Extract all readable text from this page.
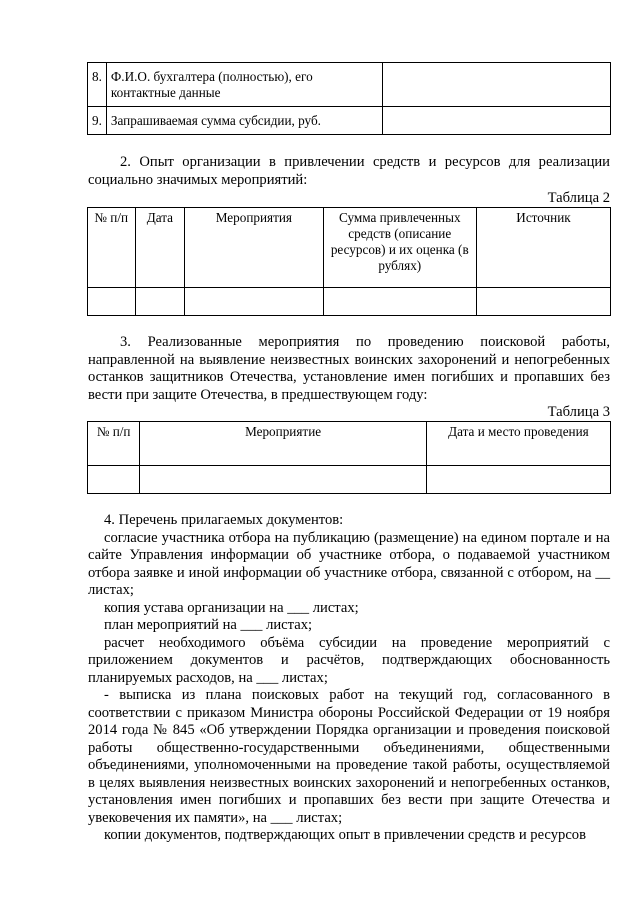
8.	Ф.И.О. бухгалтера (полностью), его контактные данные	
9.	Запрашиваемая сумма субсидии, руб.	

2. Опыт организации в привлечении средств и ресурсов для реализации социально значимых мероприятий:

Таблица 2
№ п/п	Дата	Мероприятия	Сумма привлеченных средств (описание ресурсов) и их оценка (в рублях)	Источник

3. Реализованные мероприятия по проведению поисковой работы, направленной на выявление неизвестных воинских захоронений и непогребенных останков защитников Отечества, установление имен погибших и пропавших без вести при защите Отечества, в предшествующем году:

Таблица 3
№ п/п	Мероприятие	Дата и место проведения

4. Перечень прилагаемых документов:

согласие участника отбора на публикацию (размещение) на едином портале и на сайте Управления информации об участнике отбора, о подаваемой участником отбора заявке и иной информации об участнике отбора, связанной с отбором, на __ листах;

копия устава организации на ___ листах;

план мероприятий на ___ листах;

расчет необходимого объёма субсидии на проведение мероприятий с приложением документов и расчётов, подтверждающих обоснованность планируемых расходов, на ___ листах;

- выписка из плана поисковых работ на текущий год, согласованного в соответствии с приказом Министра обороны Российской Федерации от 19 ноября 2014 года № 845 «Об утверждении Порядка организации и проведения поисковой работы общественно-государственными объединениями, общественными объединениями, уполномоченными на проведение такой работы, осуществляемой в целях выявления неизвестных воинских захоронений и непогребенных останков, установления имен погибших и пропавших без вести при защите Отечества и увековечения их памяти», на ___ листах;

копии документов, подтверждающих опыт в привлечении средств и ресурсов
